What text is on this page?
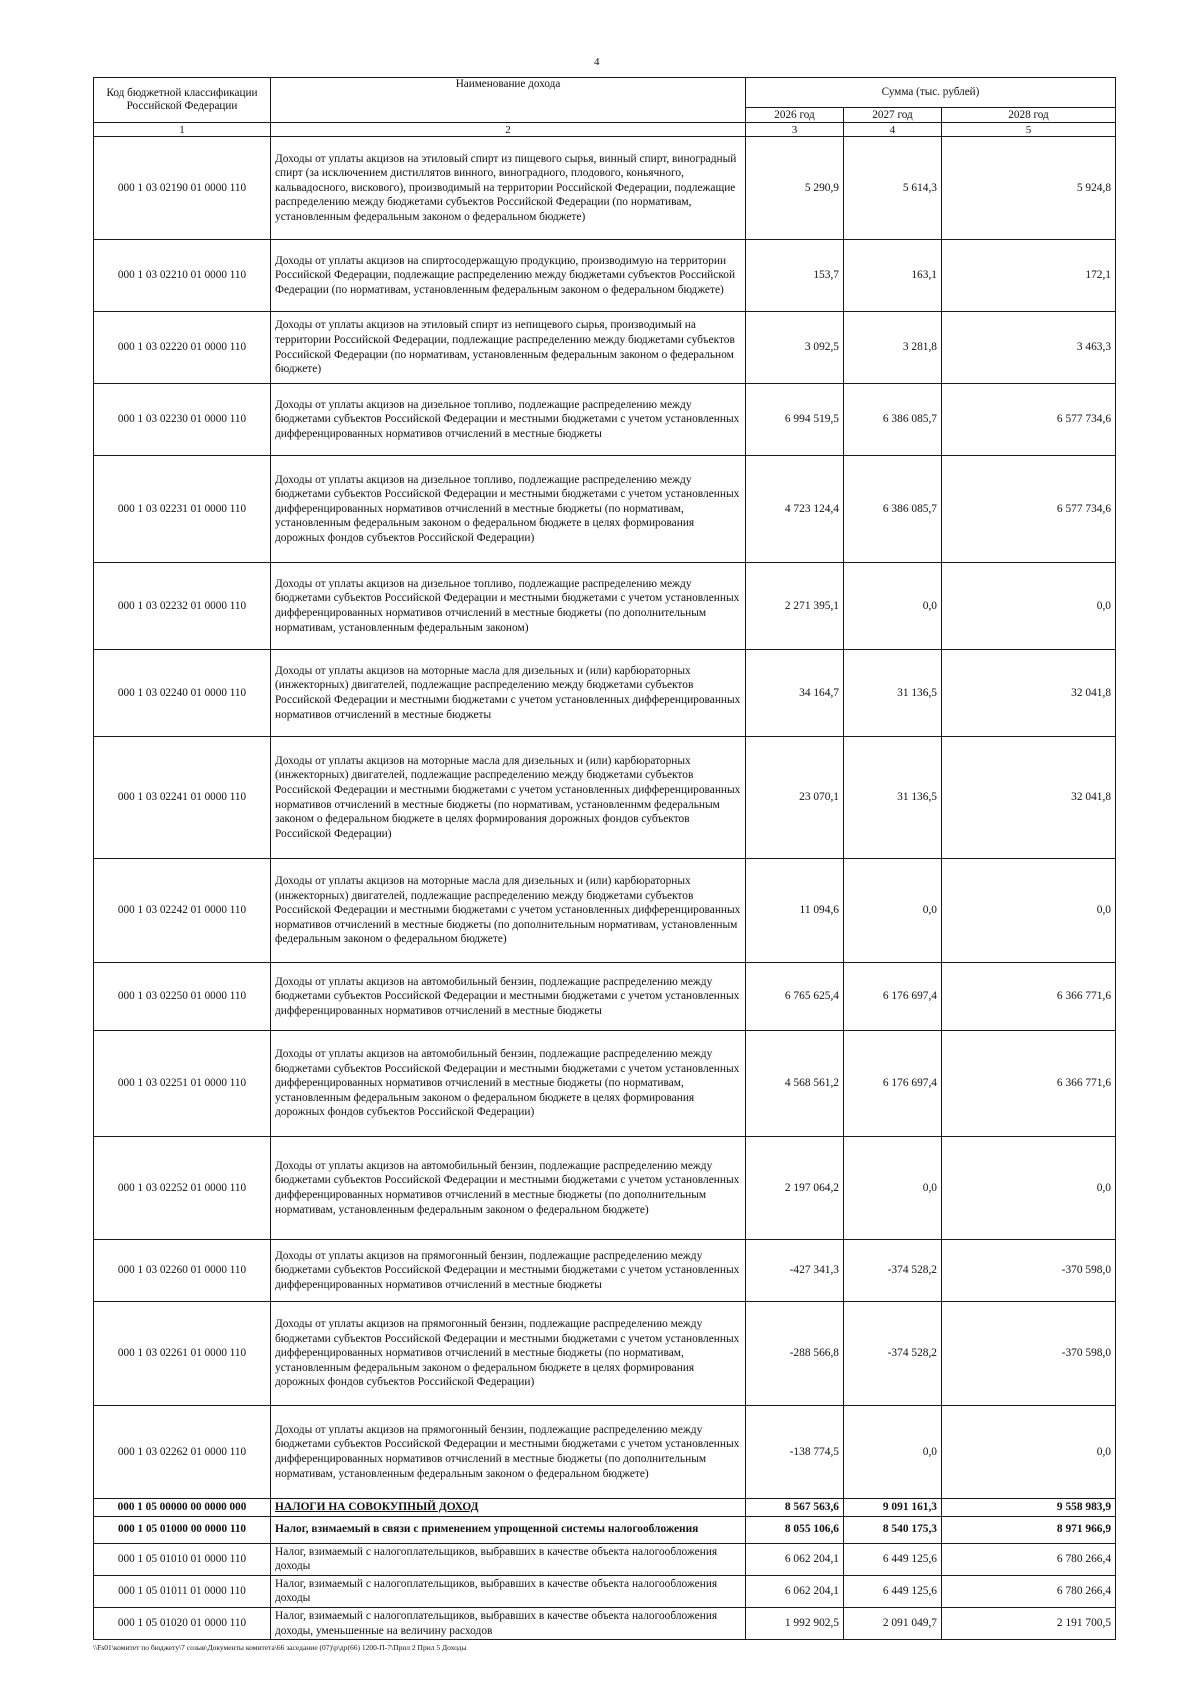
4
Код бюджетной классификации Российской Федерации	Наименование дохода	Сумма (тыс. рублей)		
		2026 год	2027 год	2028 год
1	2	3	4	5
000 1 03 02190 01 0000 110	Доходы от уплаты акцизов на этиловый спирт из пищевого сырья, винный спирт, виноградный спирт (за исключением дистиллятов винного, виноградного, плодового, коньячного, кальвадосного, вискового), производимый на территории Российской Федерации, подлежащие распределению между бюджетами субъектов Российской Федерации (по нормативам, установленным федеральным законом о федеральном бюджете)	5 290,9	5 614,3	5 924,8
000 1 03 02210 01 0000 110	Доходы от уплаты акцизов на спиртосодержащую продукцию, производимую на территории Российской Федерации, подлежащие распределению между бюджетами субъектов Российской Федерации (по нормативам, установленным федеральным законом о федеральном бюджете)	153,7	163,1	172,1
000 1 03 02220 01 0000 110	Доходы от уплаты акцизов на этиловый спирт из непищевого сырья, производимый на территории Российской Федерации, подлежащие распределению между бюджетами субъектов Российской Федерации (по нормативам, установленным федеральным законом о федеральном бюджете)	3 092,5	3 281,8	3 463,3
000 1 03 02230 01 0000 110	Доходы от уплаты акцизов на дизельное топливо, подлежащие распределению между бюджетами субъектов Российской Федерации и местными бюджетами с учетом установленных дифференцированных нормативов отчислений в местные бюджеты	6 994 519,5	6 386 085,7	6 577 734,6
000 1 03 02231 01 0000 110	Доходы от уплаты акцизов на дизельное топливо, подлежащие распределению между бюджетами субъектов Российской Федерации и местными бюджетами с учетом установленных дифференцированных нормативов отчислений в местные бюджеты (по нормативам, установленным федеральным законом о федеральном бюджете в целях формирования дорожных фондов субъектов Российской Федерации)	4 723 124,4	6 386 085,7	6 577 734,6
000 1 03 02232 01 0000 110	Доходы от уплаты акцизов на дизельное топливо, подлежащие распределению между бюджетами субъектов Российской Федерации и местными бюджетами с учетом установленных дифференцированных нормативов отчислений в местные бюджеты (по дополнительным нормативам, установленным федеральным законом)	2 271 395,1	0,0	0,0
000 1 03 02240 01 0000 110	Доходы от уплаты акцизов на моторные масла для дизельных и (или) карбюраторных (инжекторных) двигателей, подлежащие распределению между бюджетами субъектов Российской Федерации и местными бюджетами с учетом установленных дифференцированных нормативов отчислений в местные бюджеты	34 164,7	31 136,5	32 041,8
000 1 03 02241 01 0000 110	Доходы от уплаты акцизов на моторные масла для дизельных и (или) карбюраторных (инжекторных) двигателей, подлежащие распределению между бюджетами субъектов Российской Федерации и местными бюджетами с учетом установленных дифференцированных нормативов отчислений в местные бюджеты (по нормативам, установленнмм федеральным законом о федеральном бюджете в целях формирования дорожных фондов субъектов Российской Федерации)	23 070,1	31 136,5	32 041,8
000 1 03 02242 01 0000 110	Доходы от уплаты акцизов на моторные масла для дизельных и (или) карбюраторных (инжекторных) двигателей, подлежащие распределению между бюджетами субъектов Российской Федерации и местными бюджетами с учетом установленных дифференцированных нормативов отчислений в местные бюджеты (по дополнительным нормативам, установленным федеральным законом о федеральном бюджете)	11 094,6	0,0	0,0
000 1 03 02250 01 0000 110	Доходы от уплаты акцизов на автомобильный бензин, подлежащие распределению между бюджетами субъектов Российской Федерации и местными бюджетами с учетом установленных дифференцированных нормативов отчислений в местные бюджеты	6 765 625,4	6 176 697,4	6 366 771,6
000 1 03 02251 01 0000 110	Доходы от уплаты акцизов на автомобильный бензин, подлежащие распределению между бюджетами субъектов Российской Федерации и местными бюджетами с учетом установленных дифференцированных нормативов отчислений в местные бюджеты (по нормативам, установленным федеральным законом о федеральном бюджете в целях формирования дорожных фондов субъектов Российской Федерации)	4 568 561,2	6 176 697,4	6 366 771,6
000 1 03 02252 01 0000 110	Доходы от уплаты акцизов на автомобильный бензин, подлежащие распределению между бюджетами субъектов Российской Федерации и местными бюджетами с учетом установленных дифференцированных нормативов отчислений в местные бюджеты (по дополнительным нормативам, установленным федеральным законом о федеральном бюджете)	2 197 064,2	0,0	0,0
000 1 03 02260 01 0000 110	Доходы от уплаты акцизов на прямогонный бензин, подлежащие распределению между бюджетами субъектов Российской Федерации и местными бюджетами с учетом установленных дифференцированных нормативов отчислений в местные бюджеты	-427 341,3	-374 528,2	-370 598,0
000 1 03 02261 01 0000 110	Доходы от уплаты акцизов на прямогонный бензин, подлежащие распределению между бюджетами субъектов Российской Федерации и местными бюджетами с учетом установленных дифференцированных нормативов отчислений в местные бюджеты (по нормативам, установленным федеральным законом о федеральном бюджете в целях формирования дорожных фондов субъектов Российской Федерации)	-288 566,8	-374 528,2	-370 598,0
000 1 03 02262 01 0000 110	Доходы от уплаты акцизов на прямогонный бензин, подлежащие распределению между бюджетами субъектов Российской Федерации и местными бюджетами с учетом установленных дифференцированных нормативов отчислений в местные бюджеты (по дополнительным нормативам, установленным федеральным законом о федеральном бюджете)	-138 774,5	0,0	0,0
000 1 05 00000 00 0000 000	НАЛОГИ НА СОВОКУПНЫЙ ДОХОД	8 567 563,6	9 091 161,3	9 558 983,9
000 1 05 01000 00 0000 110	Налог, взимаемый в связи с применением упрощенной системы налогообложения	8 055 106,6	8 540 175,3	8 971 966,9
000 1 05 01010 01 0000 110	Налог, взимаемый с налогоплательщиков, выбравших в качестве объекта налогообложения доходы	6 062 204,1	6 449 125,6	6 780 266,4
000 1 05 01011 01 0000 110	Налог, взимаемый с налогоплательщиков, выбравших в качестве объекта налогообложения доходы	6 062 204,1	6 449 125,6	6 780 266,4
000 1 05 01020 01 0000 110	Налог, взимаемый с налогоплательщиков, выбравших в качестве объекта налогообложения доходы, уменьшенные на величину расходов	1 992 902,5	2 091 049,7	2 191 700,5
\\Fs01\комитет по бюджету\7 созыв\Документы комитета\66 заседание (07)\р\др(66) 1200-П-7\Прил 2 Прил 5 Доходы
